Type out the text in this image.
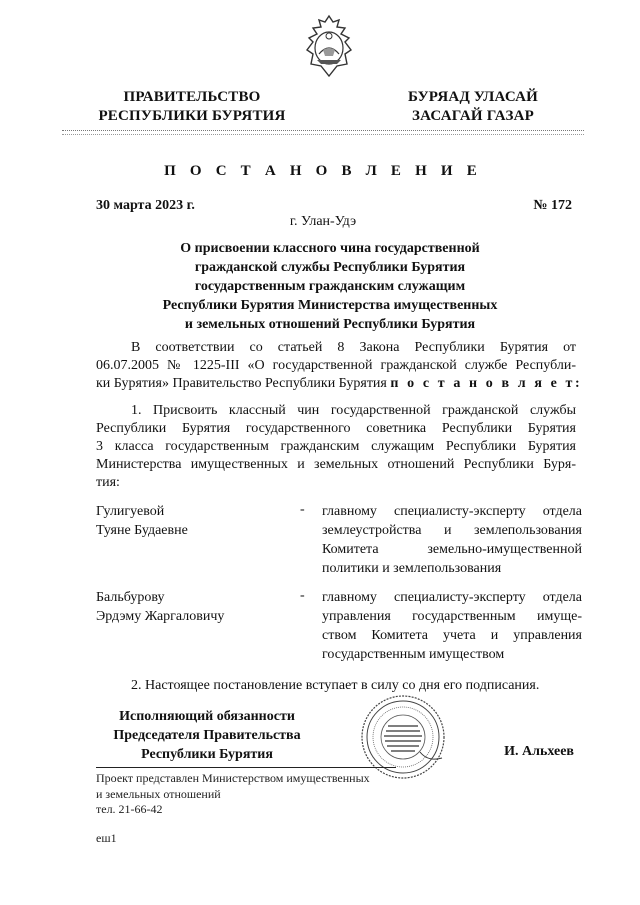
ПРАВИТЕЛЬСТВО
РЕСПУБЛИКИ БУРЯТИЯ
БУРЯАД УЛАСАЙ
ЗАСАГАЙ ГАЗАР
П О С Т А Н О В Л Е Н И Е
30 марта 2023 г.	№ 172
г. Улан-Удэ
О присвоении классного чина государственной
гражданской службы Республики Бурятия
государственным гражданским служащим
Республики Бурятия Министерства имущественных
и земельных отношений Республики Бурятия
В соответствии со статьей 8 Закона Республики Бурятия от
06.07.2005 № 1225-III «О государственной гражданской службе Республи-
ки Бурятия» Правительство Республики Бурятия п о с т а н о в л я е т:
1. Присвоить классный чин государственной гражданской службы
Республики Бурятия государственного советника Республики Бурятия
3 класса государственным гражданским служащим Республики Бурятия
Министерства имущественных и земельных отношений Республики Буря-
тия:
Гулигуевой
Туяне Будаевне
- главному специалисту-эксперту отдела
землеустройства и землепользования
Комитета земельно-имущественной
политики и землепользования
Бальбурову
Эрдэму Жаргаловичу
- главному специалисту-эксперту отдела
управления государственным имуще-
ством Комитета учета и управления
государственным имуществом
2. Настоящее постановление вступает в силу со дня его подписания.
Исполняющий обязанности
Председателя Правительства
Республики Бурятия	И. Альхеев
Проект представлен Министерством имущественных
и земельных отношений
тел. 21-66-42
еш1
